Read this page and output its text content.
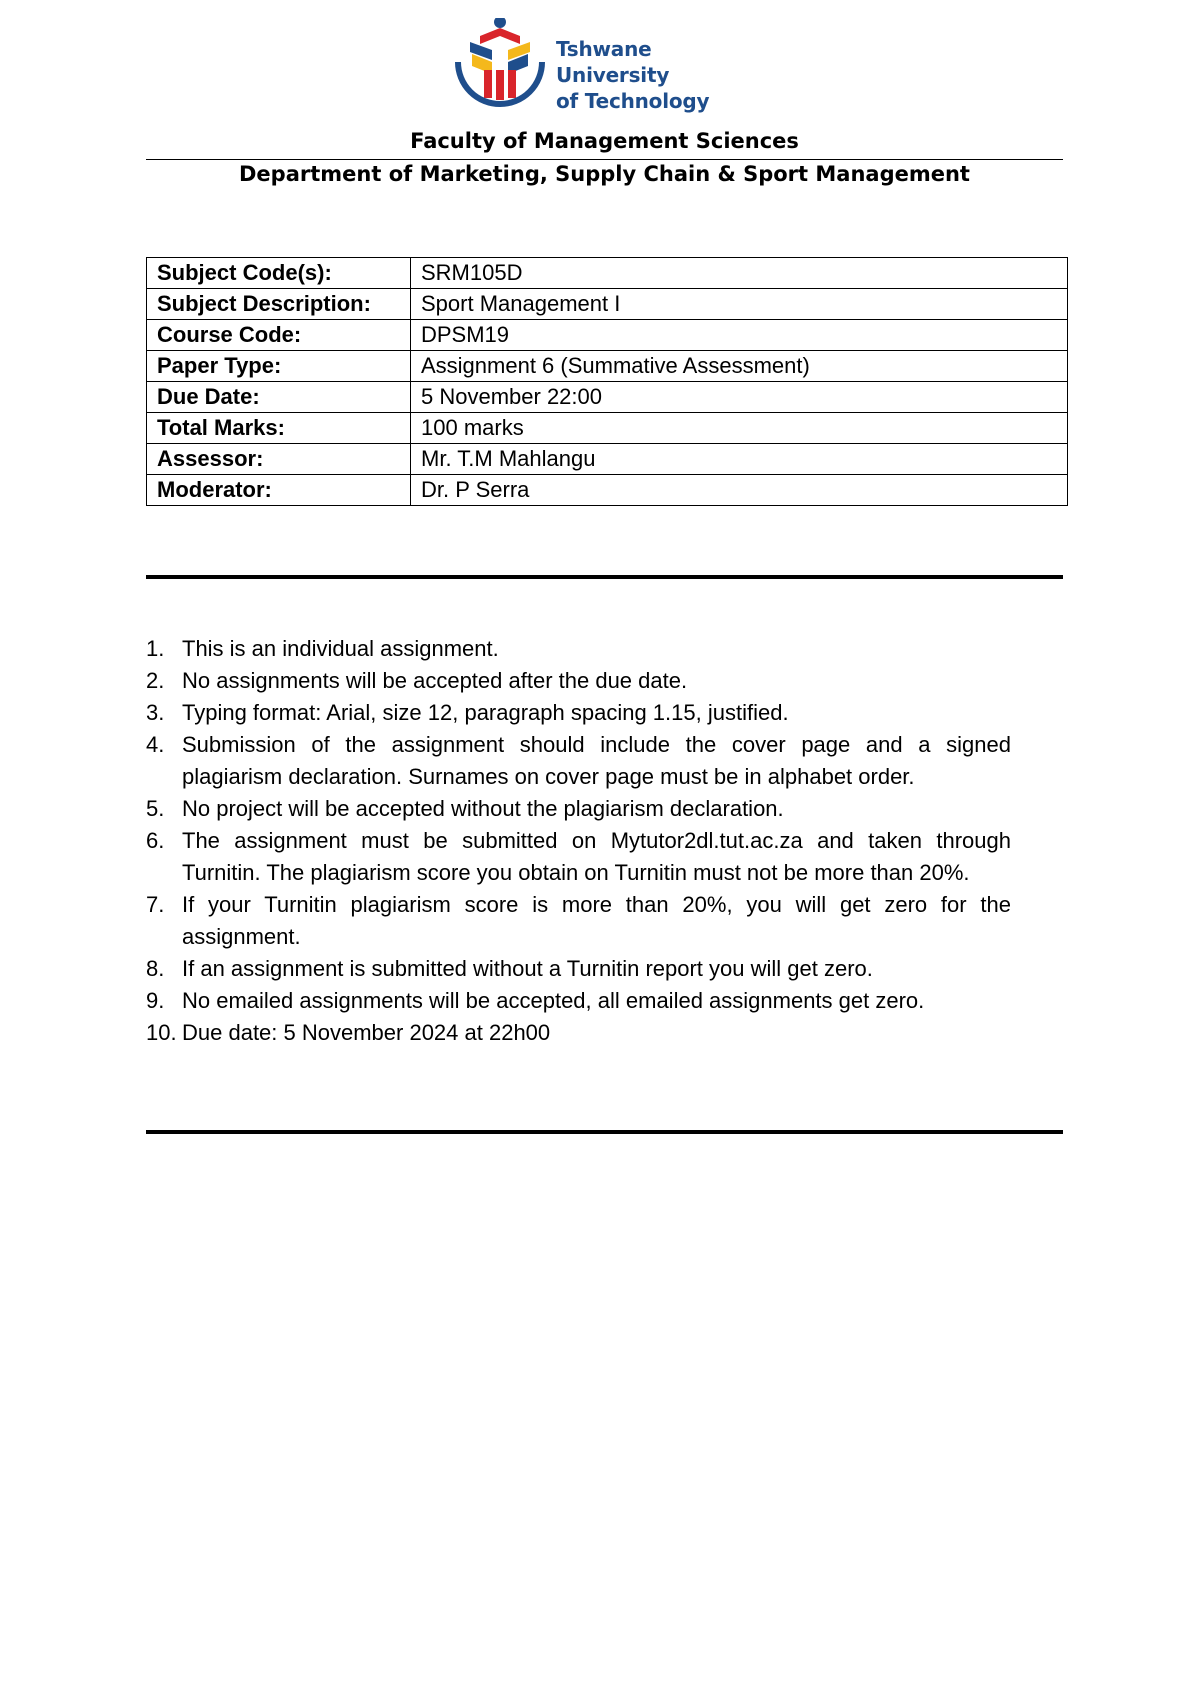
Tshwane University
of Technology
Faculty of Management Sciences
Department of Marketing, Supply Chain & Sport Management
Subject Code(s):	SRM105D
Subject Description:	Sport Management I
Course Code:	DPSM19
Paper Type:	Assignment 6 (Summative Assessment)
Due Date:	5 November 22:00
Total Marks:	100 marks
Assessor:	Mr. T.M Mahlangu
Moderator:	Dr. P Serra
1. This is an individual assignment.
2. No assignments will be accepted after the due date.
3. Typing format: Arial, size 12, paragraph spacing 1.15, justified.
4. Submission of the assignment should include the cover page and a signed plagiarism declaration. Surnames on cover page must be in alphabet order.
5. No project will be accepted without the plagiarism declaration.
6. The assignment must be submitted on Mytutor2dl.tut.ac.za and taken through Turnitin. The plagiarism score you obtain on Turnitin must not be more than 20%.
7. If your Turnitin plagiarism score is more than 20%, you will get zero for the assignment.
8. If an assignment is submitted without a Turnitin report you will get zero.
9. No emailed assignments will be accepted, all emailed assignments get zero.
10. Due date: 5 November 2024 at 22h00
